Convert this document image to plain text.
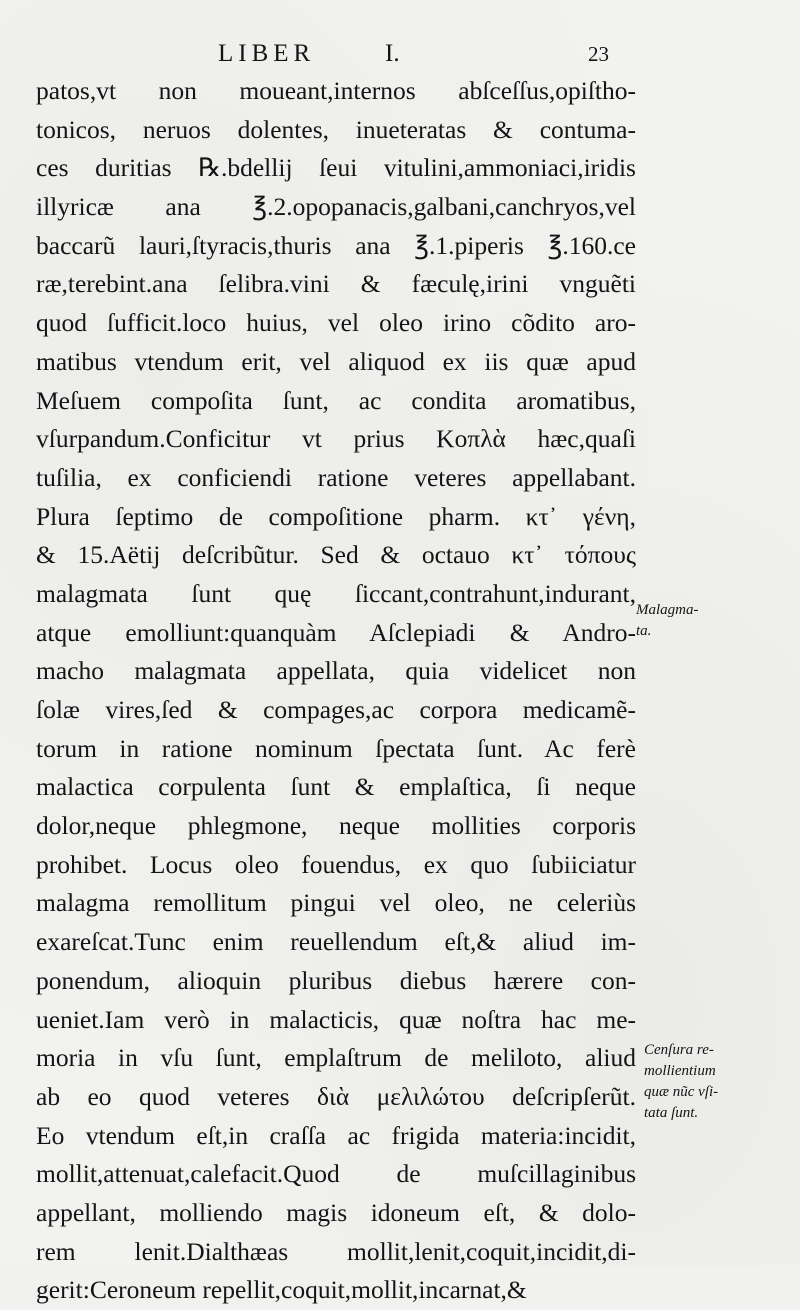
LIBER	I.	23
patos,vt non moueant,internos abſceſſus,opiſtho-
tonicos, neruos dolentes, inueteratas & contuma-
ces duritias ℞.bdellij ſeui vitulini,ammoniaci,iridis
illyricæ ana ℥.2.opopanacis,galbani,canchryos,vel
baccarũ lauri,ſtyracis,thuris ana ℥.1.piperis ℥.160.ce
ræ,terebint.ana ſelibra.vini & fæculę,irini vnguẽti
quod ſufficit.loco huius, vel oleo irino cõdito aro-
matibus vtendum erit, vel aliquod ex iis quæ apud
Meſuem compoſita ſunt, ac condita aromatibus,
vſurpandum.Conficitur vt prius Κοπλὰ hæc,quaſi
tuſilia, ex conficiendi ratione veteres appellabant.
Plura ſeptimo de compoſitione pharm. κτ᾽ γένη,
& 15.Aëtij deſcribũtur. Sed & octauo κτ᾽ τόπους
malagmata ſunt quę ſiccant,contrahunt,indurant,
atque emolliunt:quanquàm Aſclepiadi & Andro-
macho malagmata appellata, quia videlicet non
ſolæ vires,ſed & compages,ac corpora medicamẽ-
torum in ratione nominum ſpectata ſunt. Ac ferè
malactica corpulenta ſunt & emplaſtica, ſi neque
dolor,neque phlegmone, neque mollities corporis
prohibet. Locus oleo fouendus, ex quo ſubiiciatur
malagma remollitum pingui vel oleo, ne celeriùs
exareſcat.Tunc enim reuellendum eſt,& aliud im-
ponendum, alioquin pluribus diebus hærere con-
ueniet.Iam verò in malacticis, quæ noſtra hac me-
moria in vſu ſunt, emplaſtrum de meliloto, aliud
ab eo quod veteres διὰ μελιλώτου deſcripſerũt.
Eo vtendum eſt,in craſſa ac frigida materia:incidit,
mollit,attenuat,calefacit.Quod de muſcillaginibus
appellant, molliendo magis idoneum eſt, & dolo-
rem lenit.Dialthæas mollit,lenit,coquit,incidit,di-
gerit:Ceroneum repellit,coquit,mollit,incarnat,&
Malagma-
ta.
Cenſura re-
mollientium
quæ nũc vſi-
tata ſunt.
